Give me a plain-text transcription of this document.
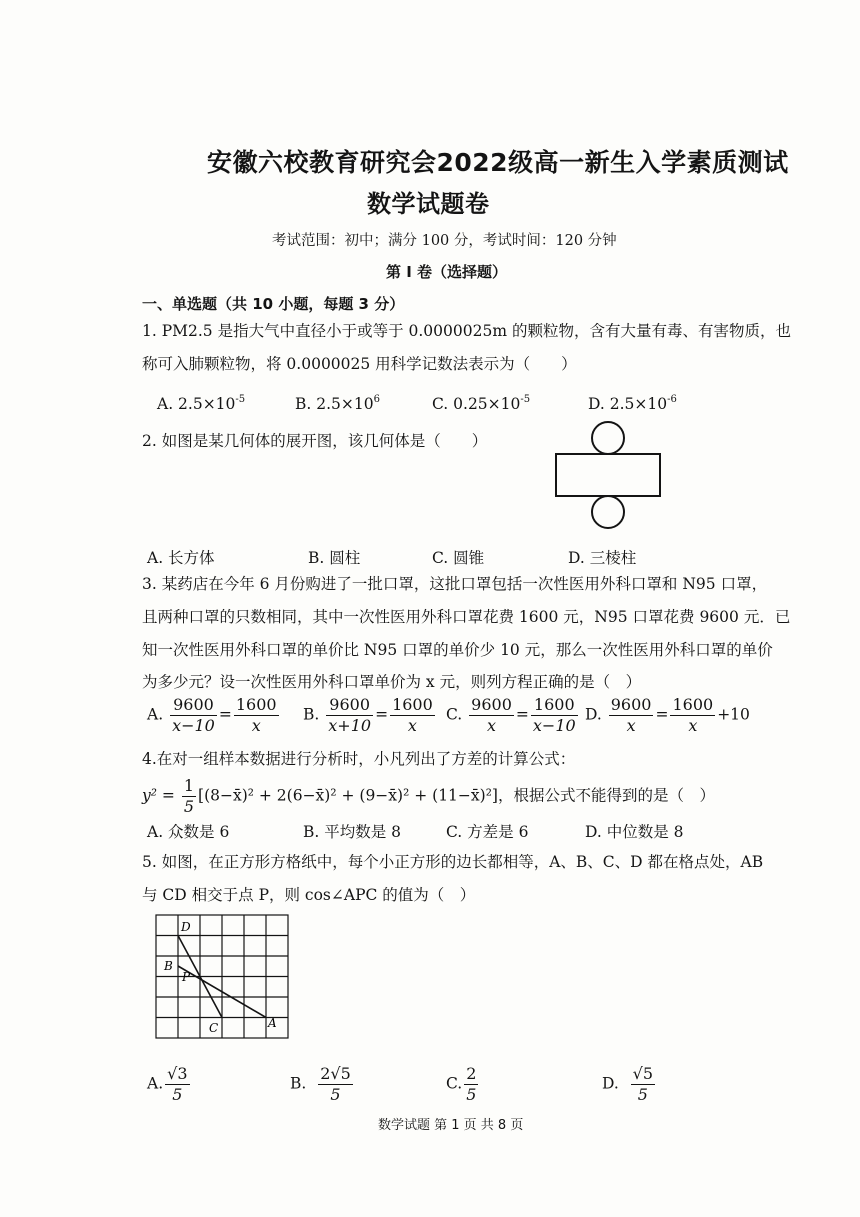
安徽六校教育研究会2022级高一新生入学素质测试
数学试题卷
考试范围：初中；满分 100 分，考试时间：120 分钟
第 I 卷（选择题）
一、单选题（共 10 小题，每题 3 分）
1. PM2.5 是指大气中直径小于或等于 0.0000025m 的颗粒物，含有大量有毒、有害物质，也
称可入肺颗粒物，将 0.0000025 用科学记数法表示为（　　）
A. $2.5\times 10^{-5}$	B. $2.5\times 10^6$	C. $0.25\times 10^{-5}$	D. $2.5\times 10^{-6}$
2. 如图是某几何体的展开图，该几何体是（　　）
A. 长方体	B. 圆柱	C. 圆锥	D. 三棱柱
3. 某药店在今年 6 月份购进了一批口罩，这批口罩包括一次性医用外科口罩和 N95 口罩，
且两种口罩的只数相同，其中一次性医用外科口罩花费 1600 元，N95 口罩花费 9600 元．已
知一次性医用外科口罩的单价比 N95 口罩的单价少 10 元，那么一次性医用外科口罩的单价
为多少元？设一次性医用外科口罩单价为 x 元，则列方程正确的是（　）
A. $\frac{9600}{x-10} = \frac{1600}{x} B$. $\frac{9600}{x+10} = \frac{1600}{x} C$. $\frac{9600}{x} = \frac{1600}{x-10} D$. $\frac{9600}{x} = \frac{1600}{x} +10$
4.在对一组样本数据进行分析时，小凡列出了方差的计算公式：
$y^2 = \frac{1}{5}$ [(8−x̄)² + 2(6−x̄)² + (9−x̄)² + (11−x̄)²]，根据公式不能得到的是（　）
A. 众数是 6	B. 平均数是 8	C. 方差是 6	D. 中位数是 8
5. 如图，在正方形方格纸中，每个小正方形的边长都相等，A、B、C、D 都在格点处，AB
与 CD 相交于点 P，则 cos∠APC 的值为（　）
D
B
P
C	A
A. $\frac{√3}{5}$	B. $\frac{2√5}{5}$	C. $\frac{2}{5}$	D. $\frac{√5}{5}$
数学试题 第 1 页 共 8 页
